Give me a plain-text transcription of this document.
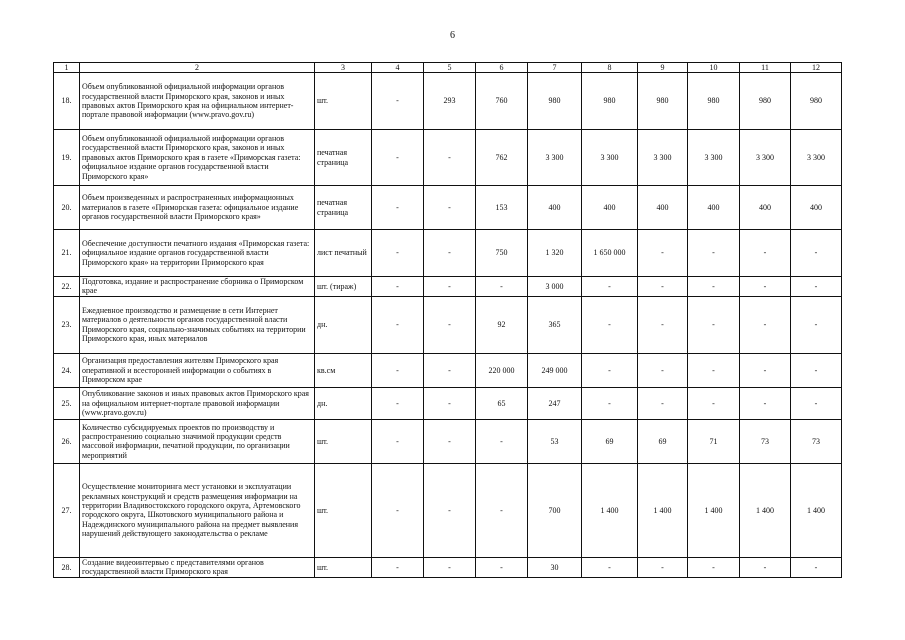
6
1	2	3	4	5	6	7	8	9	10	11	12
18.	Объем опубликованной официальной информации органов государственной власти Приморского края, законов и иных правовых актов Приморского края на официальном интернет-портале правовой информации (www.pravo.gov.ru)	шт.	-	293	760	980	980	980	980	980	980
19.	Объем опубликованной официальной информации органов государственной власти Приморского края, законов и иных правовых актов Приморского края в газете «Приморская газета: официальное издание органов государственной власти Приморского края»	печатная страница	-	-	762	3 300	3 300	3 300	3 300	3 300	3 300
20.	Объем произведенных и распространенных информационных материалов в газете «Приморская газета: официальное издание органов государственной власти Приморского края»	печатная страница	-	-	153	400	400	400	400	400	400
21.	Обеспечение доступности печатного издания «Приморская газета: официальное издание органов государственной власти Приморского края» на территории Приморского края	лист печатный	-	-	750	1 320	1 650 000	-	-	-	-
22.	Подготовка, издание и распространение сборника о Приморском крае	шт. (тираж)	-	-	-	3 000	-	-	-	-	-
23.	Ежедневное производство и размещение в сети Интернет материалов о деятельности органов государственной власти Приморского края, социально-значимых событиях на территории Приморского края, иных материалов	дн.	-	-	92	365	-	-	-	-	-
24.	Организация предоставления жителям Приморского края оперативной и всесторонней информации о событиях в Приморском крае	кв.см	-	-	220 000	249 000	-	-	-	-	-
25.	Опубликование законов и иных правовых актов Приморского края на официальном интернет-портале правовой информации (www.pravo.gov.ru)	дн.	-	-	65	247	-	-	-	-	-
26.	Количество субсидируемых проектов по производству и распространению социально значимой продукции средств массовой информации, печатной продукции, по организации мероприятий	шт.	-	-	-	53	69	69	71	73	73
27.	Осуществление мониторинга мест установки и эксплуатации рекламных конструкций и средств размещения информации на территории Владивостокского городского округа, Артемовского городского округа, Шкотовского муниципального района и Надеждинского муниципального района на предмет выявления нарушений действующего законодательства о рекламе	шт.	-	-	-	700	1 400	1 400	1 400	1 400	1 400
28.	Создание видеоинтервью с представителями органов государственной власти Приморского края	шт.	-	-	-	30	-	-	-	-	-
